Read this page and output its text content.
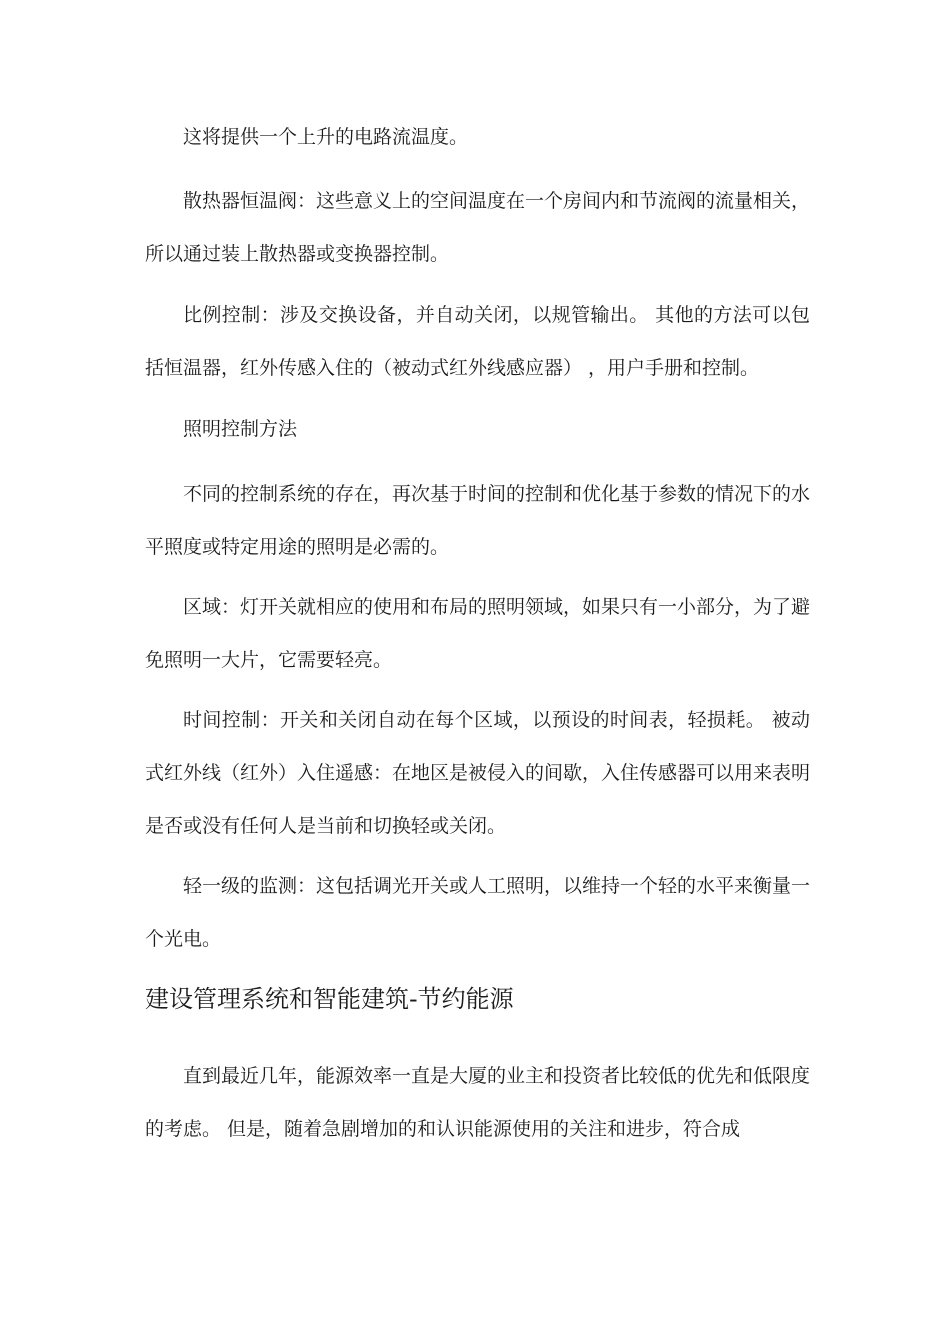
这将提供一个上升的电路流温度。

散热器恒温阀：这些意义上的空间温度在一个房间内和节流阀的流量相关，所以通过装上散热器或变换器控制。

比例控制：涉及交换设备，并自动关闭，以规管输出。 其他的方法可以包括恒温器，红外传感入住的（被动式红外线感应器） ，用户手册和控制。

照明控制方法

不同的控制系统的存在，再次基于时间的控制和优化基于参数的情况下的水平照度或特定用途的照明是必需的。

区域：灯开关就相应的使用和布局的照明领域，如果只有一小部分，为了避免照明一大片，它需要轻亮。

时间控制：开关和关闭自动在每个区域，以预设的时间表，轻损耗。 被动式红外线（红外）入住遥感：在地区是被侵入的间歇，入住传感器可以用来表明是否或没有任何人是当前和切换轻或关闭。

轻一级的监测：这包括调光开关或人工照明，以维持一个轻的水平来衡量一个光电。

建设管理系统和智能建筑-节约能源

直到最近几年，能源效率一直是大厦的业主和投资者比较低的优先和低限度的考虑。 但是，随着急剧增加的和认识能源使用的关注和进步，符合成
